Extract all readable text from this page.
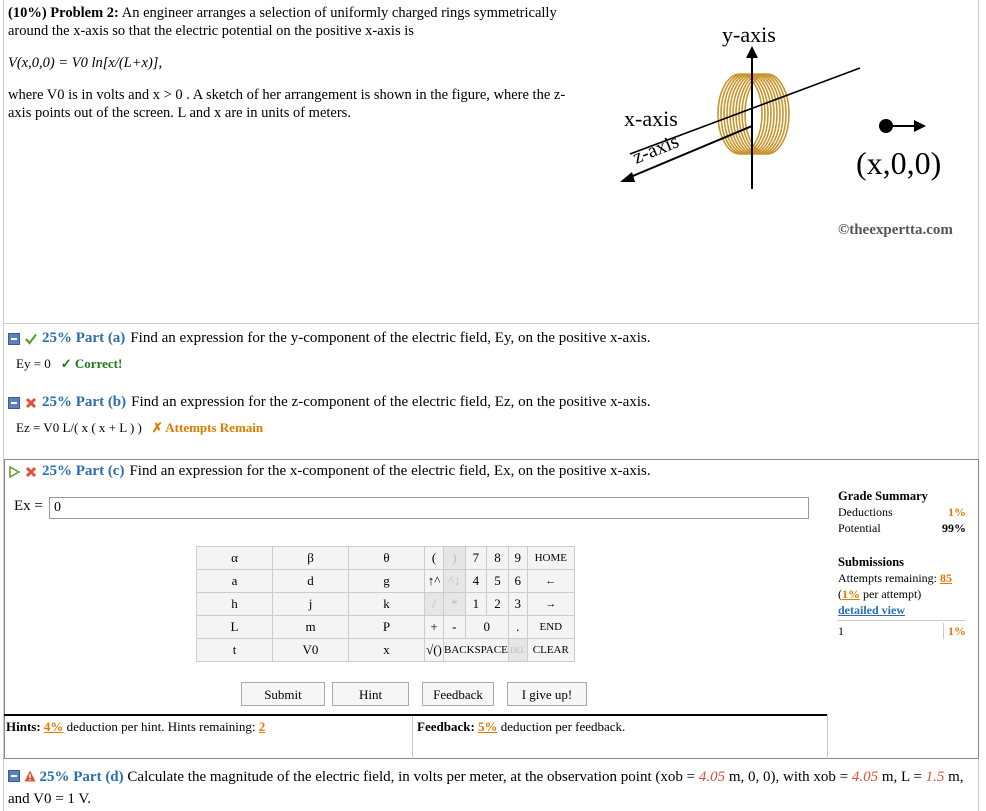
(10%) Problem 2: An engineer arranges a selection of uniformly charged rings symmetrically around the x-axis so that the electric potential on the positive x-axis is
V(x,0,0) = V0 ln[x/(L+x)],
where V0 is in volts and x > 0 . A sketch of her arrangement is shown in the figure, where the z-axis points out of the screen. L and x are in units of meters.
y-axis
x-axis
z-axis	(x,0,0)
©theexpertta.com
25% Part (a) Find an expression for the y-component of the electric field, Ey, on the positive x-axis.
Ey = 0 ✓ Correct!
25% Part (b) Find an expression for the z-component of the electric field, Ez, on the positive x-axis.
Ez = V0 L/( x ( x + L ) ) ✗ Attempts Remain
25% Part (c) Find an expression for the x-component of the electric field, Ex, on the positive x-axis.
Ex =
0
Grade Summary
Deductions	1%
Potential	99%
Submissions
Attempts remaining: 85
(1% per attempt)
detailed view
1	1%
α	β	θ	(	)	7	8	9	HOME
a	d	g	↑^	^↓	4	5	6	←
h	j	k	/	*	1	2	3	→
L	m	P	+	-	0		.	END
t	V0	x	√()	BACKSPACE			DEL	CLEAR
Submit	Hint	Feedback	I give up!
Hints: 4% deduction per hint. Hints remaining: 2	Feedback: 5% deduction per feedback.
25% Part (d) Calculate the magnitude of the electric field, in volts per meter, at the observation point (xob = 4.05 m, 0, 0), with xob = 4.05 m, L = 1.5 m, and V0 = 1 V.
